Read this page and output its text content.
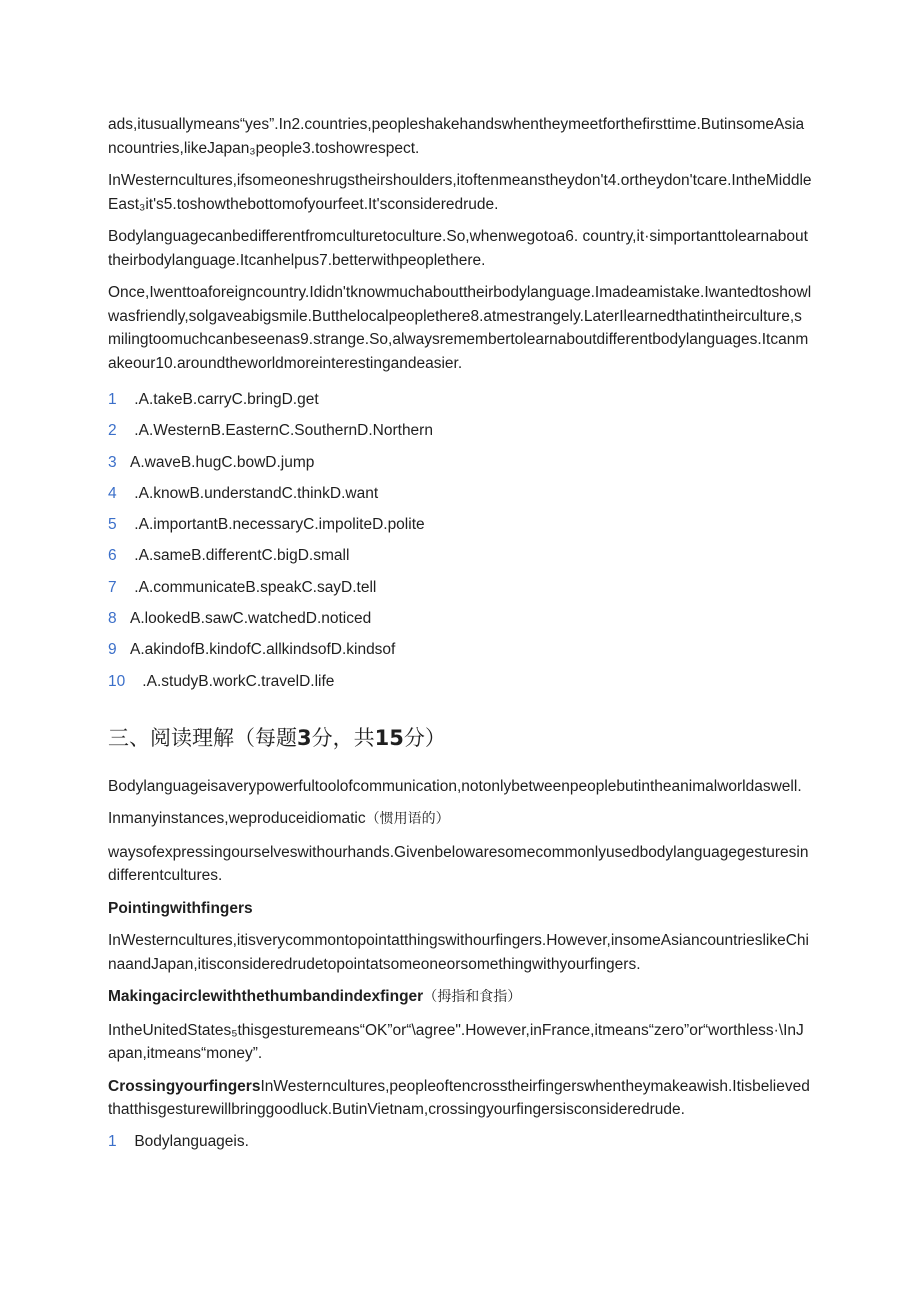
ads,itusuallymeans“yes”.In2.countries,peopleshakehandswhentheymeetforthefirsttime.ButinsomeAsiancountries,likeJapan₃people3.toshowrespect.

InWesterncultures,ifsomeoneshrugstheirshoulders,itoftenmeanstheydon't4.ortheydon'tcare.IntheMiddleEast₃it's5.toshowthebottomofyourfeet.It'sconsideredrude.

Bodylanguagecanbedifferentfromculturetoculture.So,whenwegotoa6. country,it·simportanttolearnabouttheirbodylanguage.Itcanhelpus7.betterwithpeoplethere.

Once,Iwenttoaforeigncountry.Ididn'tknowmuchabouttheirbodylanguage.Imadeamistake.Iwantedtoshowlwasfriendly,solgaveabigsmile.Butthelocalpeoplethere8.atmestrangely.LaterIlearnedthatintheirculture,smilingtoomuchcanbeseenas9.strange.So,alwaysremembertolearnaboutdifferentbodylanguages.Itcanmakeour10.aroundtheworldmoreinterestingandeasier.

1 .A.takeB.carryC.bringD.get
2 .A.WesternB.EasternC.SouthernD.Northern
3 A.waveB.hugC.bowD.jump
4 .A.knowB.understandC.thinkD.want
5 .A.importantB.necessaryC.impoliteD.polite
6 .A.sameB.differentC.bigD.small
7 .A.communicateB.speakC.sayD.tell
8 A.lookedB.sawC.watchedD.noticed
9 A.akindofB.kindofC.allkindsofD.kindsof
10 .A.studyB.workC.travelD.life
三、阅读理解（每题3分，共15分）

Bodylanguageisaverypowerfultoolofcommunication,notonlybetweenpeoplebutintheanimalworldaswell.

Inmanyinstances,weproduceidiomatic（惯用语的）

waysofexpressingourselveswithourhands.Givenbelowaresomecommonlyusedbodylanguagegesturesindifferentcultures.

Pointingwithfingers

InWesterncultures,itisverycommontopointatthingswithourfingers.However,insomeAsiancountrieslikeChinaandJapan,itisconsideredrudetopointatsomeoneorsomethingwithyourfingers.

Makingacirclewiththethumbandindexfinger（拇指和食指）

IntheUnitedStates₅thisgesturemeans“OK”or“\agree".However,inFrance,itmeans“zero”or“worthless·\InJapan,itmeans“money”.

CrossingyourfingersInWesterncultures,peopleoftencrosstheirfingerswhentheymakeawish.Itisbelievedthatthisgesturewillbringgoodluck.ButinVietnam,crossingyourfingersisconsideredrude.

1 Bodylanguageis.
